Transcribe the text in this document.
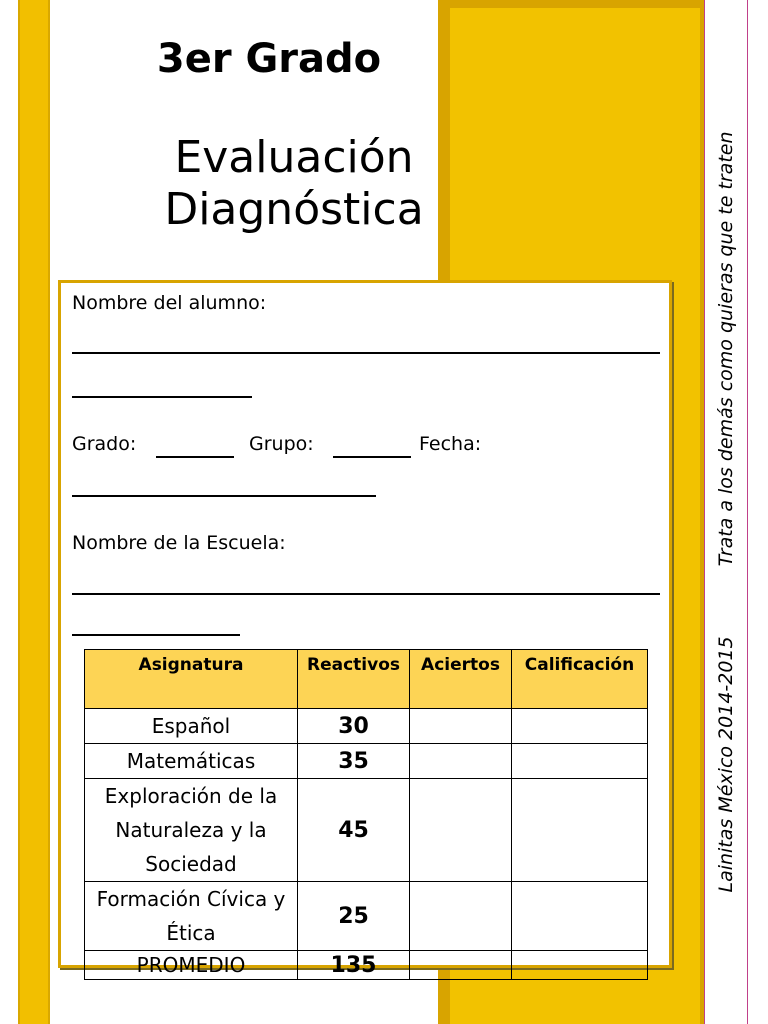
Lainitas México 2014-2015Trata a los demás como quieras que te traten
3er Grado
Evaluación
Diagnóstica
Nombre del alumno:
Grado:	Grupo:	Fecha:
Nombre de la Escuela:
Asignatura	Reactivos	Aciertos	Calificación
Español	30		
Matemáticas	35		
Exploración de la Naturaleza y la Sociedad	45		
Formación Cívica y Ética	25		
PROMEDIO	135		
